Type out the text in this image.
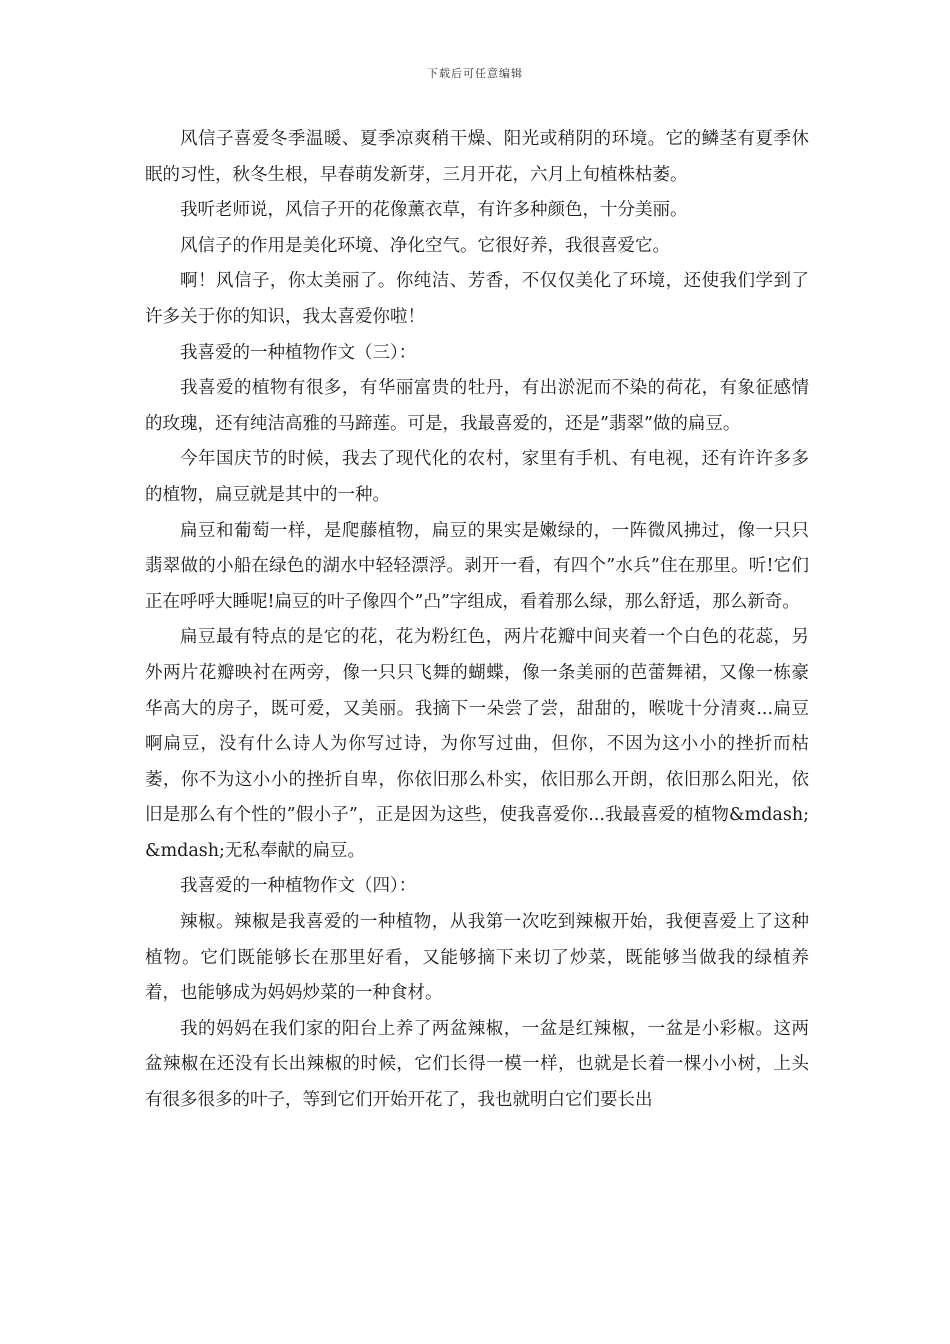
下载后可任意编辑

风信子喜爱冬季温暖、夏季凉爽稍干燥、阳光或稍阴的环境。它的鳞茎有夏季休眠的习性，秋冬生根，早春萌发新芽，三月开花，六月上旬植株枯萎。

我听老师说，风信子开的花像薰衣草，有许多种颜色，十分美丽。

风信子的作用是美化环境、净化空气。它很好养，我很喜爱它。

啊！风信子，你太美丽了。你纯洁、芳香，不仅仅美化了环境，还使我们学到了许多关于你的知识，我太喜爱你啦！

我喜爱的一种植物作文（三）：

我喜爱的植物有很多，有华丽富贵的牡丹，有出淤泥而不染的荷花，有象征感情的玫瑰，还有纯洁高雅的马蹄莲。可是，我最喜爱的，还是”翡翠”做的扁豆。

今年国庆节的时候，我去了现代化的农村，家里有手机、有电视，还有许许多多的植物，扁豆就是其中的一种。

扁豆和葡萄一样，是爬藤植物，扁豆的果实是嫩绿的，一阵微风拂过，像一只只翡翠做的小船在绿色的湖水中轻轻漂浮。剥开一看，有四个”水兵”住在那里。听!它们正在呼呼大睡呢!扁豆的叶子像四个”凸”字组成，看着那么绿，那么舒适，那么新奇。

扁豆最有特点的是它的花，花为粉红色，两片花瓣中间夹着一个白色的花蕊，另外两片花瓣映衬在两旁，像一只只飞舞的蝴蝶，像一条美丽的芭蕾舞裙，又像一栋豪华高大的房子，既可爱，又美丽。我摘下一朵尝了尝，甜甜的，喉咙十分清爽...扁豆啊扁豆，没有什么诗人为你写过诗，为你写过曲，但你，不因为这小小的挫折而枯萎，你不为这小小的挫折自卑，你依旧那么朴实，依旧那么开朗，依旧那么阳光，依旧是那么有个性的”假小子”，正是因为这些，使我喜爱你...我最喜爱的植物&mdash;&mdash;无私奉献的扁豆。

我喜爱的一种植物作文（四）：

辣椒。辣椒是我喜爱的一种植物，从我第一次吃到辣椒开始，我便喜爱上了这种植物。它们既能够长在那里好看，又能够摘下来切了炒菜，既能够当做我的绿植养着，也能够成为妈妈炒菜的一种食材。

我的妈妈在我们家的阳台上养了两盆辣椒，一盆是红辣椒，一盆是小彩椒。这两盆辣椒在还没有长出辣椒的时候，它们长得一模一样，也就是长着一棵小小树，上头有很多很多的叶子，等到它们开始开花了，我也就明白它们要长出
